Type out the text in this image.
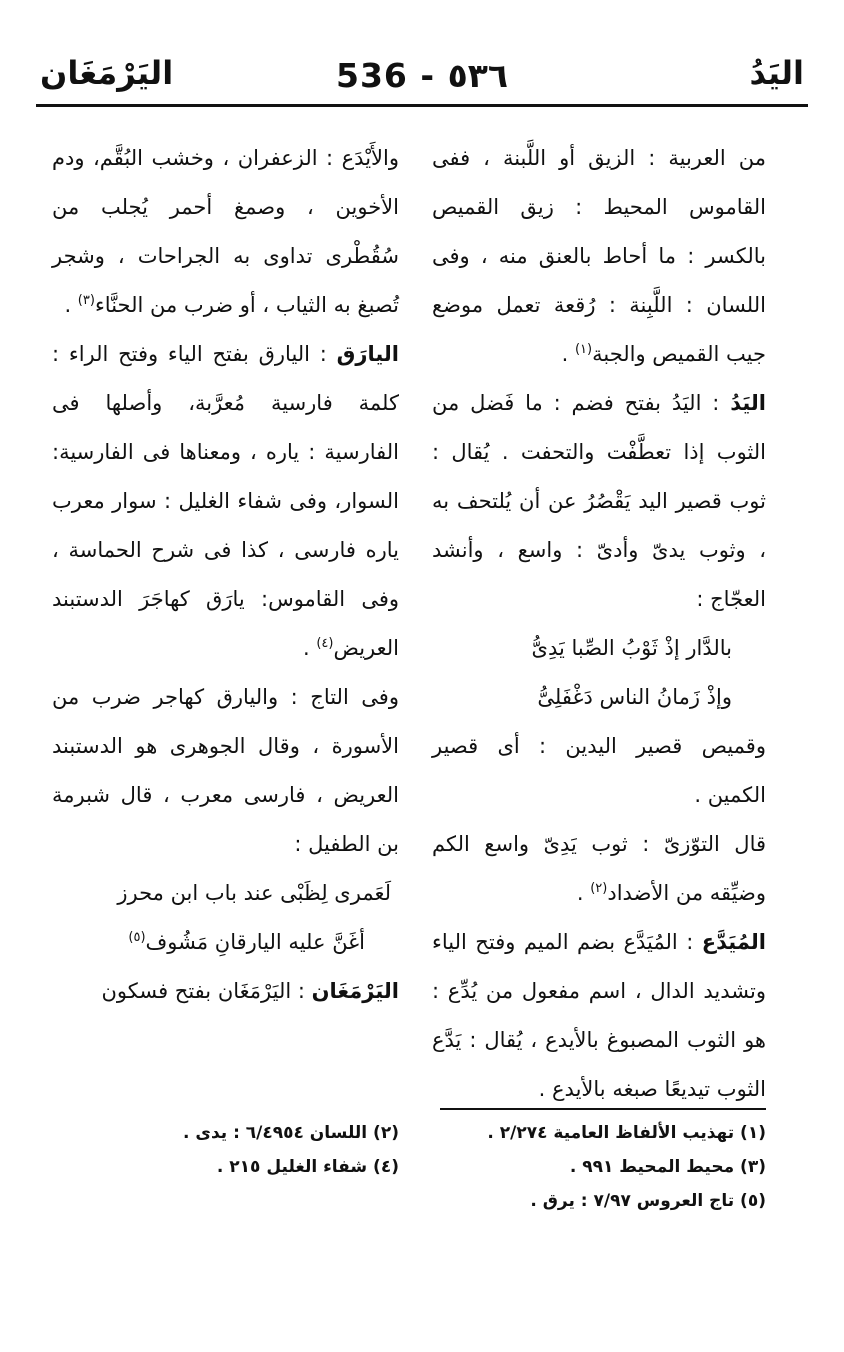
اليَدُ
536 - ٥٣٦
اليَرْمَغَان

من العربية : الزيق أو اللَّبنة ، ففى القاموس المحيط : زيق القميص بالكسر : ما أحاط بالعنق منه ، وفى اللسان : اللَّبِنة : رُقعة تعمل موضع جيب القميص والجبة$^{(١)}$ .

اليَدُ : اليَدُ بفتح فضم : ما فَضل من الثوب إذا تعطَّفْت والتحفت . يُقال : ثوب قصير اليد يَقْصُرُ عن أن يُلتحف به ، وثوب يدىّ وأدىّ : واسع ، وأنشد العجّاج :

بالدَّار إذْ ثَوْبُ الصِّبا يَدِىُّ

وإذْ زَمانُ الناس دَغْفَلِىُّ

وقميص قصير اليدين : أى قصير الكمين .

قال التوّزىّ : ثوب يَدِىّ واسع الكم وضيِّقه من الأضداد$^{(٢)}$ .

المُيَدَّع : المُيَدَّع بضم الميم وفتح الياء وتشديد الدال ، اسم مفعول من يُدِّع : هو الثوب المصبوغ بالأيدع ، يُقال : يَدَّع الثوب تيديعًا صبغه بالأيدع .

والأَيْدَع : الزعفران ، وخشب البُقَّم، ودم الأخوين ، وصمغ أحمر يُجلب من سُقُطْرى تداوى به الجراحات ، وشجر تُصبغ به الثياب ، أو ضرب من الحنَّاء$^{(٣)}$ .

اليارَق : اليارق بفتح الياء وفتح الراء : كلمة فارسية مُعرَّبة، وأصلها فى الفارسية : ياره ، ومعناها فى الفارسية: السوار، وفى شفاء الغليل : سوار معرب ياره فارسى ، كذا فى شرح الحماسة ، وفى القاموس: يارَق كهاجَرَ الدستبند العريض$^{(٤)}$ .

وفى التاج : واليارق كهاجر ضرب من الأسورة ، وقال الجوهرى هو الدستبند العريض ، فارسى معرب ، قال شبرمة بن الطفيل :

لَعَمرى لِظَبْى عند باب ابن محرز

أغَنَّ عليه اليارقانِ مَشُوف$^{(٥)}$

اليَرْمَغَان : اليَرْمَغَان بفتح فسكون

(١) تهذيب الألفاظ العامية ٢/٢٧٤ .

(٣) محيط المحيط ٩٩١ .

(٥) تاج العروس ٧/٩٧ : يرق .

(٢) اللسان ٦/٤٩٥٤ : يدى .

(٤) شفاء الغليل ٢١٥ .
